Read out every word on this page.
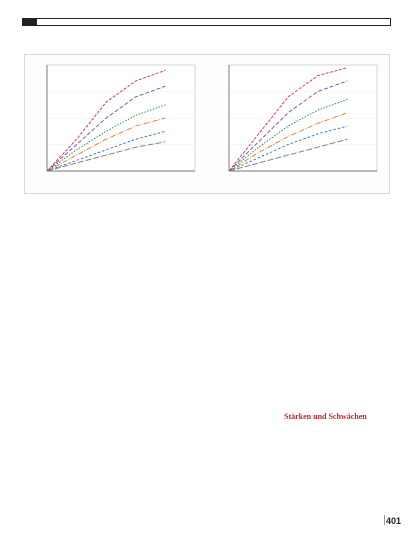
Stärken und Schwächen

401
